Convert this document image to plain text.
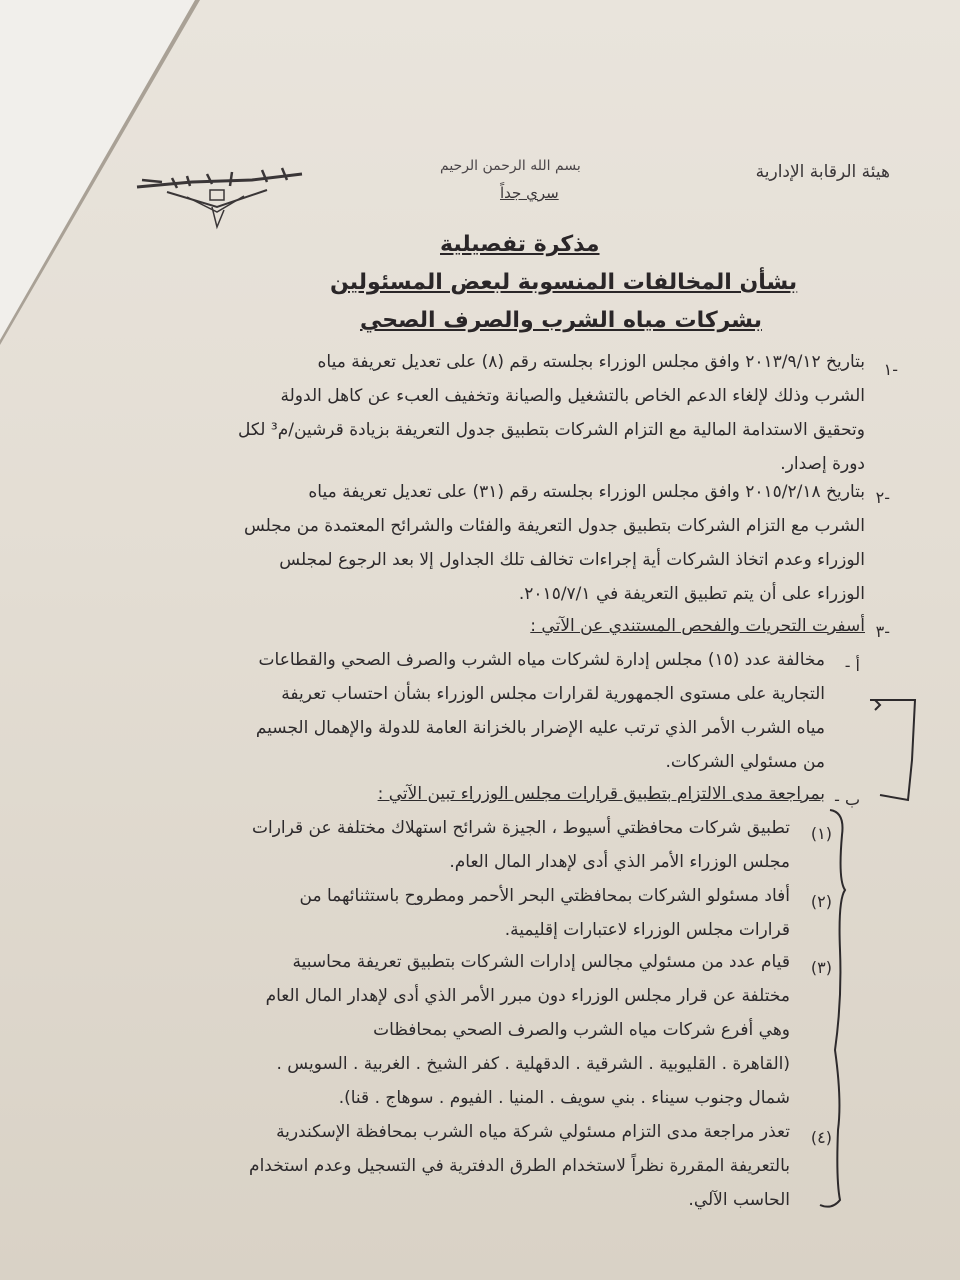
هيئة الرقابة الإدارية
بسم الله الرحمن الرحيم
سري جداً
مذكرة تفصيلية
بشأن المخالفات المنسوبة لبعض المسئولين
بشركات مياه الشرب والصرف الصحي
-١
بتاريخ ٢٠١٣/٩/١٢ وافق مجلس الوزراء بجلسته رقم (٨) على تعديل تعريفة مياه
الشرب وذلك لإلغاء الدعم الخاص بالتشغيل والصيانة وتخفيف العبء عن كاهل الدولة
وتحقيق الاستدامة المالية مع التزام الشركات بتطبيق جدول التعريفة بزيادة قرشين/م³ لكل
دورة إصدار.
-٢
بتاريخ ٢٠١٥/٢/١٨ وافق مجلس الوزراء بجلسته رقم (٣١) على تعديل تعريفة مياه
الشرب مع التزام الشركات بتطبيق جدول التعريفة والفئات والشرائح المعتمدة من مجلس
الوزراء وعدم اتخاذ الشركات أية إجراءات تخالف تلك الجداول إلا بعد الرجوع لمجلس
الوزراء على أن يتم تطبيق التعريفة في ٢٠١٥/٧/١.
-٣
أسفرت التحريات والفحص المستندي عن الآتي :
أ -
مخالفة عدد (١٥) مجلس إدارة لشركات مياه الشرب والصرف الصحي والقطاعات
التجارية على مستوى الجمهورية لقرارات مجلس الوزراء بشأن احتساب تعريفة
مياه الشرب الأمر الذي ترتب عليه الإضرار بالخزانة العامة للدولة والإهمال الجسيم
من مسئولي الشركات.
ب -
بمراجعة مدى الالتزام بتطبيق قرارات مجلس الوزراء تبين الآتي :
(١)
تطبيق شركات محافظتي أسيوط ، الجيزة شرائح استهلاك مختلفة عن قرارات
مجلس الوزراء الأمر الذي أدى لإهدار المال العام.
(٢)
أفاد مسئولو الشركات بمحافظتي البحر الأحمر ومطروح باستثنائهما من
قرارات مجلس الوزراء لاعتبارات إقليمية.
(٣)
قيام عدد من مسئولي مجالس إدارات الشركات بتطبيق تعريفة محاسبية
مختلفة عن قرار مجلس الوزراء دون مبرر الأمر الذي أدى لإهدار المال العام
وهي أفرع شركات مياه الشرب والصرف الصحي بمحافظات
(القاهرة . القليوبية . الشرقية . الدقهلية . كفر الشيخ . الغربية . السويس .
شمال وجنوب سيناء . بني سويف . المنيا . الفيوم . سوهاج . قنا).
(٤)
تعذر مراجعة مدى التزام مسئولي شركة مياه الشرب بمحافظة الإسكندرية
بالتعريفة المقررة نظراً لاستخدام الطرق الدفترية في التسجيل وعدم استخدام
الحاسب الآلي.
